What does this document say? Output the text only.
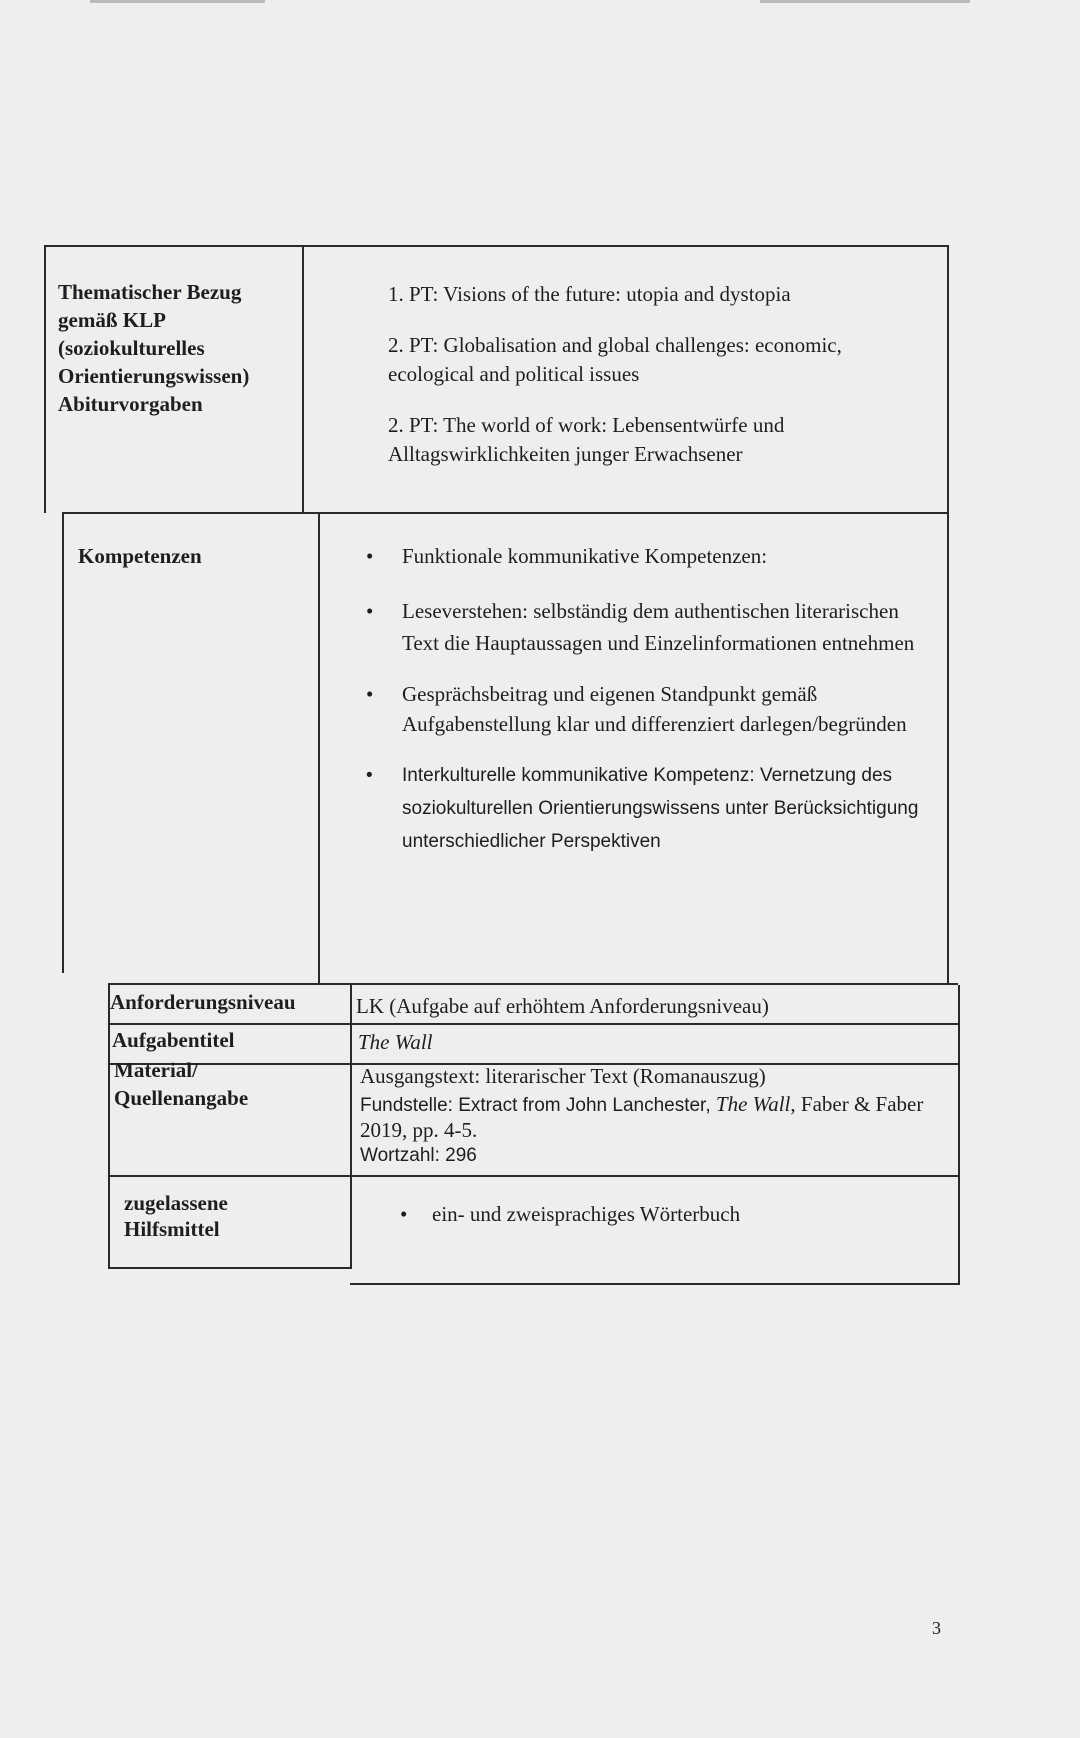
Thematischer Bezug
gemäß KLP
(soziokulturelles
Orientierungswissen)
Abiturvorgaben

1. PT: Visions of the future: utopia and dystopia

2. PT: Globalisation and global challenges: economic, ecological and political issues

2. PT: The world of work: Lebensentwürfe und Alltagswirklichkeiten junger Erwachsener

Kompetenzen
•	Funktionale kommunikative Kompetenzen:
• Leseverstehen: selbständig dem authentischen literarischen Text die Hauptaussagen und Einzelinformationen entnehmen
• Gesprächsbeitrag und eigenen Standpunkt gemäß Aufgabenstellung klar und differenziert darlegen/begründen
• Interkulturelle kommunikative Kompetenz: Vernetzung des soziokulturellen Orientierungswissens unter Berücksichtigung unterschiedlicher Perspektiven
Anforderungsniveau	LK (Aufgabe auf erhöhtem Anforderungsniveau)
Aufgabentitel	The Wall
Material/
Quellenangabe
Ausgangstext: literarischer Text (Romanauszug)
Fundstelle: Extract from John Lanchester, The Wall, Faber & Faber 2019, pp. 4-5.
Wortzahl: 296
zugelassene
Hilfsmittel
• ein- und zweisprachiges Wörterbuch
3
